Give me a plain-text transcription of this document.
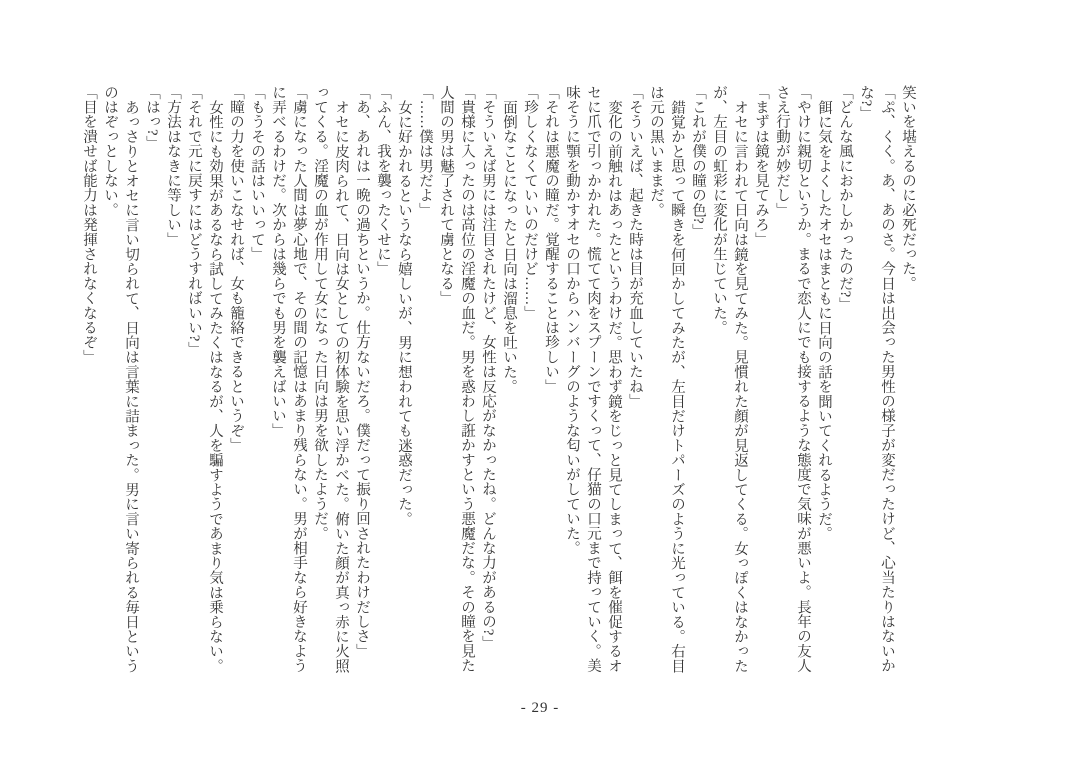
笑いを堪えるのに必死だった。

「ぷ、くく。あ、あのさ。今日は出会った男性の様子が変だったけど、心当たりはないか

な?」

「どんな風におかしかったのだ?」

餌に気をよくしたオセはまともに日向の話を聞いてくれるようだ。

「やけに親切というか。まるで恋人にでも接するような態度で気味が悪いよ。長年の友人

さえ行動が妙だし」

「まずは鏡を見てみろ」

オセに言われて日向は鏡を見てみた。見慣れた顔が見返してくる。女っぽくはなかった

が、左目の虹彩に変化が生じていた。

「これが僕の瞳の色?」

錯覚かと思って瞬きを何回かしてみたが、左目だけトパーズのように光っている。右目

は元の黒いままだ。

「そういえば、起きた時は目が充血していたね」

変化の前触れはあったというわけだ。思わず鏡をじっと見てしまって、餌を催促するオ

セに爪で引っかかれた。慌てて肉をスプーンですくって、仔猫の口元まで持っていく。美

味そうに顎を動かすオセの口からハンバーグのような匂いがしていた。

「それは悪魔の瞳だ。覚醒することは珍しい」

「珍しくなくていいのだけど……」

面倒なことになったと日向は溜息を吐いた。

「そういえば男には注目されたけど、女性は反応がなかったね。どんな力があるの?」

「貴様に入ったのは高位の淫魔の血だ。男を惑わし誑かすという悪魔だな。その瞳を見た

人間の男は魅了されて虜となる」

「……僕は男だよ」

女に好かれるというなら嬉しいが、男に想われても迷惑だった。

「ふん、我を襲ったくせに」

「あ、あれは一晩の過ちというか。仕方ないだろ。僕だって振り回されたわけだしさ」

オセに皮肉られて、日向は女としての初体験を思い浮かべた。俯いた顔が真っ赤に火照

ってくる。淫魔の血が作用して女になった日向は男を欲したようだ。

「虜になった人間は夢心地で、その間の記憶はあまり残らない。男が相手なら好きなよう

に弄べるわけだ。次からは幾らでも男を襲えばいい」

「もうその話はいいって」

「瞳の力を使いこなせれば、女も籠絡できるというぞ」

女性にも効果があるなら試してみたくはなるが、人を騙すようであまり気は乗らない。

「それで元に戻すにはどうすればいい?」

「方法はなきに等しい」

「はっ?」

あっさりとオセに言い切られて、日向は言葉に詰まった。男に言い寄られる毎日という

のはぞっとしない。

「目を潰せば能力は発揮されなくなるぞ」

- 29 -
